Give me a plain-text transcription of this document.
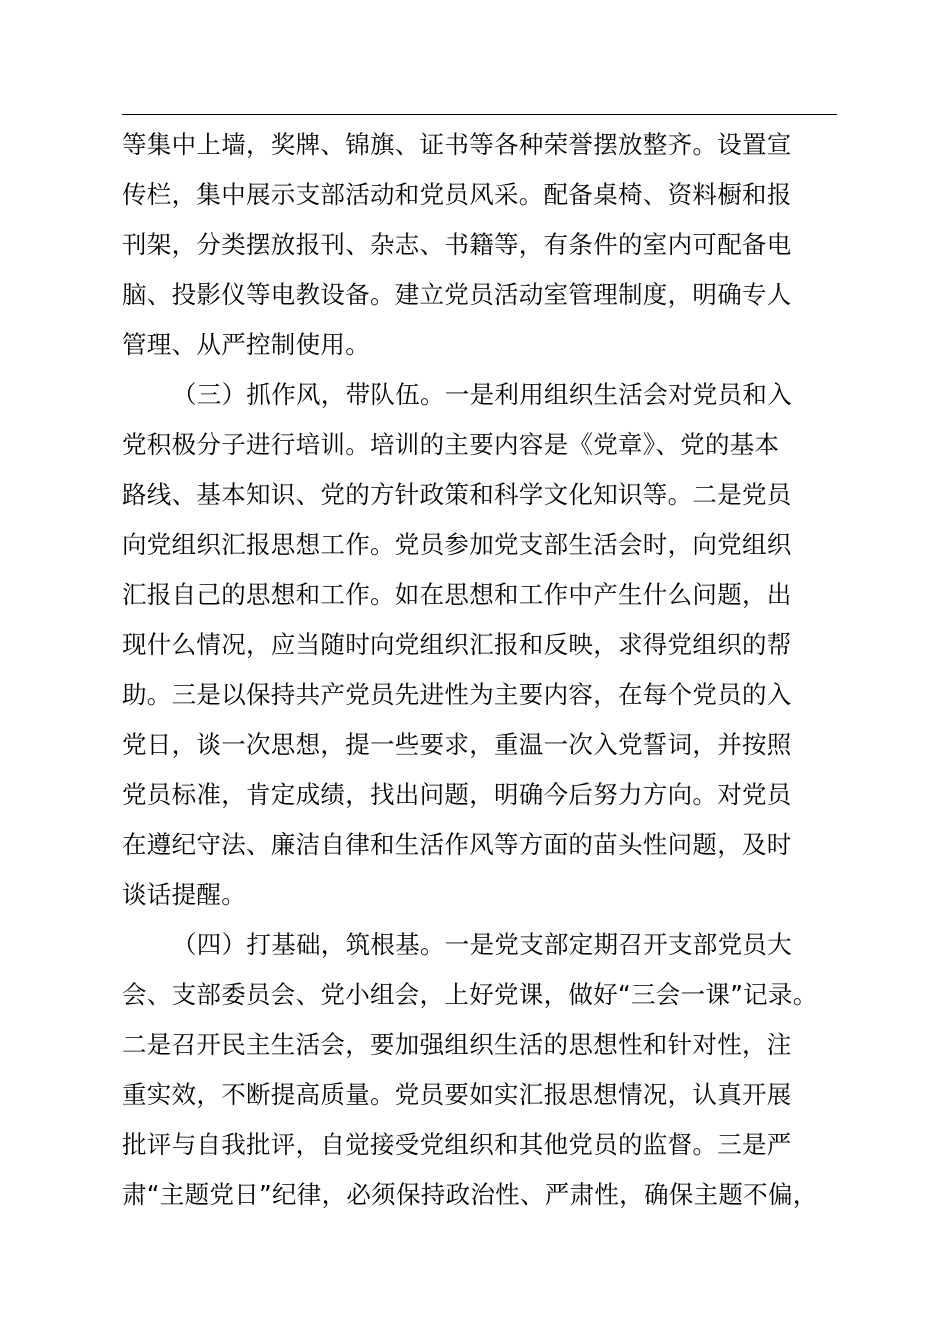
等集中上墙，奖牌、锦旗、证书等各种荣誉摆放整齐。设置宣
传栏，集中展示支部活动和党员风采。配备桌椅、资料橱和报
刊架，分类摆放报刊、杂志、书籍等，有条件的室内可配备电
脑、投影仪等电教设备。建立党员活动室管理制度，明确专人
管理、从严控制使用。
（三）抓作风，带队伍。一是利用组织生活会对党员和入
党积极分子进行培训。培训的主要内容是《党章》、党的基本
路线、基本知识、党的方针政策和科学文化知识等。二是党员
向党组织汇报思想工作。党员参加党支部生活会时，向党组织
汇报自己的思想和工作。如在思想和工作中产生什么问题，出
现什么情况，应当随时向党组织汇报和反映，求得党组织的帮
助。三是以保持共产党员先进性为主要内容，在每个党员的入
党日，谈一次思想，提一些要求，重温一次入党誓词，并按照
党员标准，肯定成绩，找出问题，明确今后努力方向。对党员
在遵纪守法、廉洁自律和生活作风等方面的苗头性问题，及时
谈话提醒。
（四）打基础，筑根基。一是党支部定期召开支部党员大
会、支部委员会、党小组会，上好党课，做好“三会一课”记录。
二是召开民主生活会，要加强组织生活的思想性和针对性，注
重实效，不断提高质量。党员要如实汇报思想情况，认真开展
批评与自我批评，自觉接受党组织和其他党员的监督。三是严
肃“主题党日”纪律，必须保持政治性、严肃性，确保主题不偏，
